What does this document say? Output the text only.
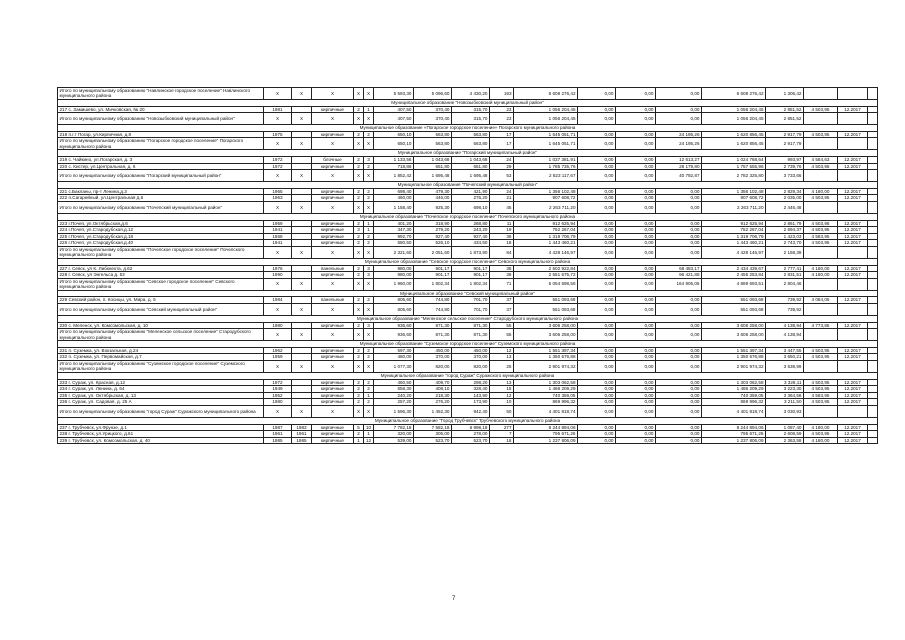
Итого по муниципальному образованию "Навлинское городское поселение" Навлинского муниципального района	Х	Х	Х	Х	Х	5 593,30	5 096,60	4 430,20	193	6 608 276,42	0,00	0,00	0,00	6 608 276,42	1 306,42			
Муниципальное образование "Новозыбковский муниципальный район"																		
217 с. Замишево, ул. Мичковская, № 20	1981		кирпичные	2	1	407,50	370,40	315,70	23	1 056 204,45	0,00	0,00	0,00	1 056 204,45	2 851,52	4 503,95	12.2017	
Итого по муниципальному образованию "Новозыбковский муниципальный район"	Х	Х	Х	Х	Х	407,50	370,40	315,70	23	1 056 204,45	0,00	0,00	0,00	1 056 204,45	2 851,52			
Муниципальное образование «Погарское городское поселение» Погарского муниципального района																		
218 п.г.т Погар, ул.Кирпичная, д.8	1975		кирпичные	2	2	650,10	563,80	563,80	17	1 645 051,71	0,00	0,00	24 195,26	1 620 856,45	2 917,79	4 503,95	12.2017	
Итого по муниципальному образованию "Погарское городское поселение" Погарского муниципального района	Х	Х	Х	Х	Х	650,10	563,80	563,80	17	1 645 051,71	0,00	0,00	24 195,26	1 620 856,45	2 917,79			
Муниципальное образование "Погарский муниципальный район"																		
219 с. Чайкино, ул.Погарская, д. 3	1972		блочные	2	3	1 133,56	1 043,68	1 043,68	24	1 037 381,91	0,00	0,00	12 613,27	1 024 768,64	993,97	4 584,63	12.2017	
220 с. Кистер, ул.Центральная, д. 6	1972		кирпичные	2	2	718,86	651,80	651,80	29	1 785 735,76	0,00	0,00	28 179,80	1 757 555,96	2 739,76	4 503,95	12.2017	
Итого по муниципальному образованию "Погарский муниципальный район"	Х	Х	Х	Х	Х	1 852,42	1 695,48	1 695,48	53	2 823 117,67	0,00	0,00	40 792,87	2 782 325,80	3 733,66			
Муниципальное образование "Почепский муниципальный район"																		
221 с.Бакланы, пр-т Ленина,д.3	1965		кирпичные	2	2	698,40	479,30	421,90	24	1 356 102,48	0,00	0,00	0,00	1 356 102,48	2 829,34	4 180,00	12.2017	
222 п.Сагарейный, ул.Центральная д.6	1963		кирпичные	2	2	460,00	446,00	276,20	21	907 608,72	0,00	0,00	0,00	907 608,72	2 035,00	4 503,95	12.2017	
Итого по муниципальному образованию "Почепский муниципальный район"	Х	Х	Х	Х	Х	1 158,40	925,30	698,10	45	2 263 711,20	0,00	0,00	0,00	2 263 711,20	2 446,48			
Муниципальное образование "Почепское городское поселение" Почепского муниципального района																		
223 г.Почеп, ул.Октябрьская,д.6	1959		кирпичные	2	1	401,20	318,90	268,80	11	912 625,94	0,00	0,00	0,00	912 625,94	2 861,79	4 503,95	12.2017	
224 г.Почеп, ул.Стародубская,д.12	1941		кирпичные	3	1	347,30	279,20	243,20	19	752 267,04	0,00	0,00	0,00	752 267,04	2 694,37	4 503,95	12.2017	
225 г.Почеп, ул.Стародубская,д.18	1868		кирпичные	2	2	992,70	927,40	927,40	36	1 319 706,79	0,00	0,00	0,00	1 319 706,79	1 423,03	4 583,95	12.2017	
226 г.Почеп, ул.Стародубская,д.40	1941		кирпичные	2	2	580,50	526,10	434,50	18	1 443 460,21	0,00	0,00	0,00	1 443 460,21	2 743,70	4 503,95	12.2017	
Итого по муниципальному образованию "Почепское городское поселение" Почепского муниципального района	Х	Х	Х	Х	Х	2 321,60	2 051,60	1 873,90	84	4 428 146,97	0,00	0,00	0,00	4 428 146,97	2 158,39			
Муниципальное образование "Севское городское поселение" Севского муниципального района																		
227 г. Севск, ул К. Либкнехта, д.62	1976		панельные	2	3	980,00	901,17	901,17	35	2 502 922,84	0,00	0,00	68 483,17	2 434 439,67	2 777,41	4 180,00	12.2017	
228 г. Севск, ул Энгельса д. 53	1990		кирпичные	2	3	980,00	901,17	901,17	36	2 551 675,72	0,00	0,00	96 421,88	2 455 253,84	2 831,51	4 180,00	12.2017	
Итого по муниципальному образованию "Севское городское поселение" Севского муниципального района	Х	Х	Х	Х	Х	1 960,00	1 802,34	1 802,34	71	5 054 598,56	0,00	0,00	164 905,05	4 889 693,51	2 804,46			
Муниципальное образование "Севский муниципальный район"																		
229 Севский район, п. Косицы, ул. Мира, д. 5	1984		панельные	2	2	805,60	744,80	701,70	37	551 093,68	0,00	0,00	0,00	551 093,68	739,92	4 084,05	12.2017	
Итого по муниципальному образованию "Севский муниципальный район"	Х	Х	Х	Х	Х	805,60	744,80	701,70	37	551 093,68	0,00	0,00	0,00	551 093,68	739,92			
Муниципальное образование "Меленское сельское поселение" Стародубского муниципального района																		
230 с. Меленск, ул. Комсомольская, д. 10	1980		кирпичные	2	3	936,60	871,30	871,30	55	3 606 258,00	0,00	0,00	0,00	3 606 258,00	4 138,94	4 773,85	12.2017	
Итого по муниципальному образованию "Меленское сельское поселение" Стародубского муниципального района	Х	Х	Х	Х	Х	936,60	871,30	871,30	55	3 606 258,00	0,00	0,00	0,00	3 606 258,00	4 138,94			
Муниципальное образование "Суземское городское поселение" Суземского муниципального района																		
231 п. Суземка, ул. Вокзальная, д.24	1962		кирпичные	2	2	597,30	450,00	450,00	12	1 551 397,34	0,00	0,00	0,00	1 551 397,34	3 447,55	4 503,95	12.2017	
232 п. Суземка, ул. Первомайская, д.7	1959		кирпичные	2	2	480,00	370,00	370,00	13	1 350 576,88	0,00	0,00	0,00	1 350 576,88	3 650,21	4 503,95	12.2017	
Итого по муниципальному образованию "Суземское городское поселение" Суземского муниципального района	Х	Х	Х	Х	Х	1 077,30	820,00	820,00	25	2 901 974,32	0,00	0,00	0,00	2 901 974,32	3 538,99			
Муниципальное образование "город Сураж" Суражского муниципального района																		
233 г. Сураж, ул. Красная, д.12	1972		кирпичные	2	2	460,50	409,70	298,20	13	1 303 062,58	0,00	0,00	0,00	1 303 062,58	3 328,11	4 503,95	12.2017	
234 г. Сураж, ул. Ленина, д. 64	1949		кирпичные	2	2	558,30	408,10	328,40	15	1 486 209,29	0,00	0,00	0,00	1 486 209,29	3 223,30	4 503,95	12.2017	
235 г. Сураж, ул. Октябрьская, д. 13	1952		кирпичные	2	1	240,20	218,30	143,90	12	740 359,05	0,00	0,00	0,00	740 359,05	3 364,58	4 583,95	12.2017	
236 г. Сураж, ул. Садовая, д. 25 А	1980		кирпичные	2	2	257,20	276,20	173,90	10	869 996,32	0,00	0,00	0,00	869 996,32	3 211,50	4 503,95	12.2017	
Итого по муниципальному образованию "город Сураж" Суражского муниципального района	Х	Х	Х	Х	Х	1 596,30	1 452,30	942,40	50	4 401 818,74	0,00	0,00	0,00	4 401 818,74	3 030,93			
Муниципальное образование "Город Трубчевск" Трубчевского муниципального района																		
237 г. Трубчевск, ул.Фрунзе, д.1	1987	1983	кирпичные	5	10	7 782,18	7 582,18	6 998,18	277	8 244 894,06	0,00	0,00	0,00	8 244 894,06	1 087,40	4 180,00	12.2017	
238 г. Трубчевск, ул.Урицкого, д.61	1961	1961	кирпичные	2	1	320,00	305,00	278,00	7	795 671,26	0,00	0,00	0,00	795 671,26	2 608,59	4 503,95	12.2017	
239 г. Трубчевск, ул. Комсомольская, д. 40	1985	1985	кирпичные	1	12	539,00	523,70	523,70	18	1 237 806,09	0,00	0,00	0,00	1 237 806,09	2 363,58	4 180,00	12.2017	
7
